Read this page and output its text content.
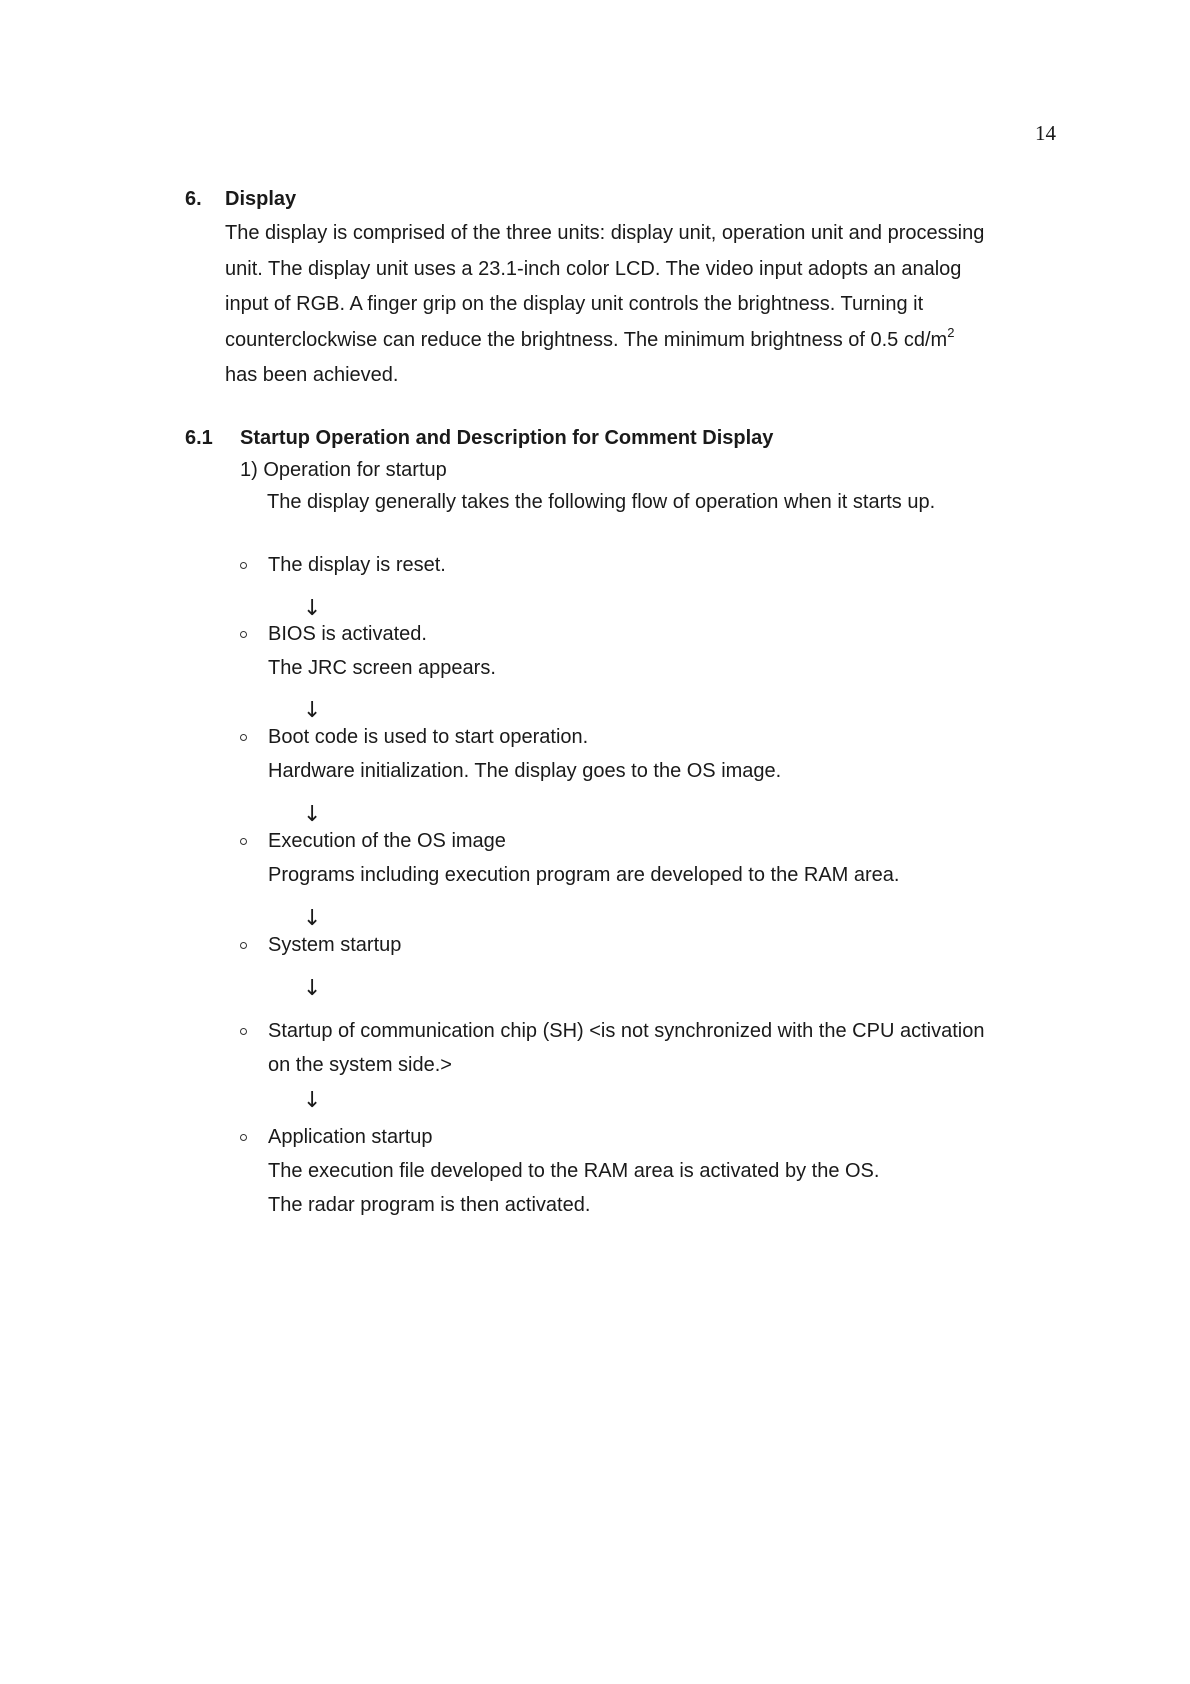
14
6. Display
The display is comprised of the three units: display unit, operation unit and processing
unit. The display unit uses a 23.1-inch color LCD. The video input adopts an analog
input of RGB. A finger grip on the display unit controls the brightness. Turning it
counterclockwise can reduce the brightness. The minimum brightness of 0.5 $cd/m^2$
has been achieved.
6.1 Startup Operation and Description for Comment Display
1) Operation for startup
The display generally takes the following flow of operation when it starts up.
The display is reset.
↓
BIOS is activated.
The JRC screen appears.
↓
Boot code is used to start operation.
Hardware initialization. The display goes to the OS image.
↓
Execution of the OS image
Programs including execution program are developed to the RAM area.
↓
System startup
↓
Startup of communication chip (SH) <is not synchronized with the CPU activation
on the system side.>
↓
Application startup
The execution file developed to the RAM area is activated by the OS.
The radar program is then activated.
